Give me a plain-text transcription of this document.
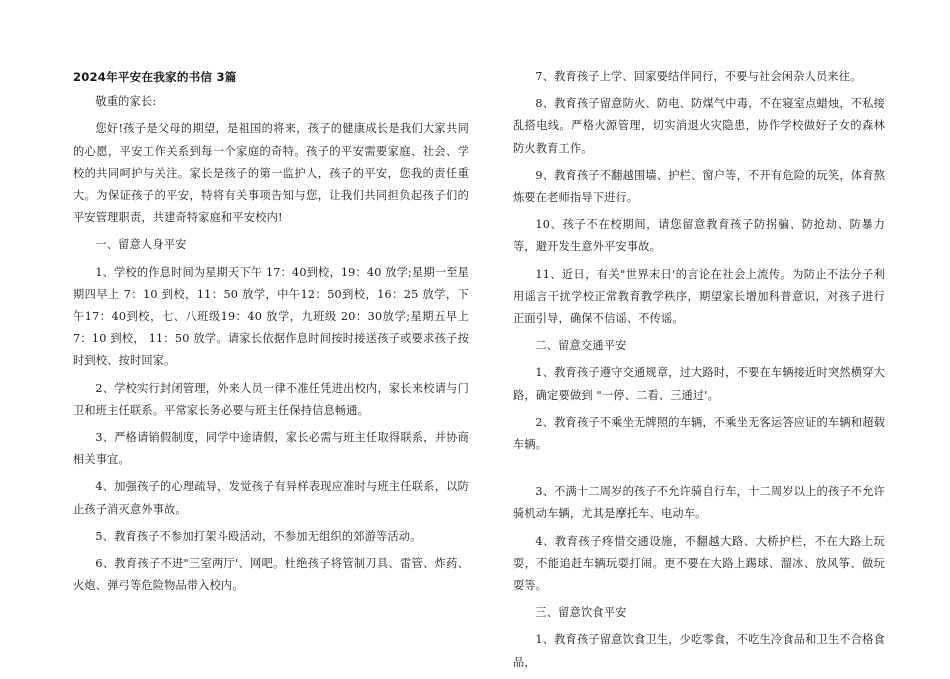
2024年平安在我家的书信 3篇

敬重的家长:

您好!孩子是父母的期望，是祖国的将来，孩子的健康成长是我们大家共同的心愿，平安工作关系到每一个家庭的奇特。孩子的平安需要家庭、社会、学校的共同呵护与关注。家长是孩子的第一监护人，孩子的平安，您我的责任重大。为保证孩子的平安，特将有关事项告知与您，让我们共同担负起孩子们的平安管理职责，共建奇特家庭和平安校内!

一、留意人身平安

1、学校的作息时间为星期天下午 17：40到校，19：40 放学;星期一至星期四早上 7：10 到校，11：50 放学，中午12：50到校，16：25 放学，下午17：40到校，七、八班级19：40 放学，九班级 20：30放学;星期五早上 7：10 到校， 11：50 放学。请家长依据作息时间按时接送孩子或要求孩子按时到校、按时回家。

2、学校实行封闭管理，外来人员一律不准任凭进出校内，家长来校请与门卫和班主任联系。平常家长务必要与班主任保持信息畅通。

3、严格请销假制度，同学中途请假，家长必需与班主任取得联系，并协商相关事宜。

4、加强孩子的心理疏导，发觉孩子有异样表现应准时与班主任联系，以防止孩子消灭意外事故。

5、教育孩子不参加打架斗殴活动，不参加无组织的郊游等活动。

6、教育孩子不进"三室两厅'、网吧。杜绝孩子将管制刀具、雷管、炸药、火炮、弹弓等危险物品带入校内。

7、教育孩子上学、回家要结伴同行，不要与社会闲杂人员来往。

8、教育孩子留意防火、防电、防煤气中毒，不在寝室点蜡烛，不私接乱搭电线。严格火源管理，切实消退火灾隐患，协作学校做好子女的森林防火教育工作。

9、教育孩子不翻越围墙、护栏、窗户等，不开有危险的玩笑，体育熬炼要在老师指导下进行。

10、孩子不在校期间，请您留意教育孩子防拐骗、防抢劫、防暴力等，避开发生意外平安事故。

11、近日，有关"世界末日'的言论在社会上流传。为防止不法分子利用谣言干扰学校正常教育教学秩序，期望家长增加科普意识，对孩子进行正面引导，确保不信谣、不传谣。

二、留意交通平安

1、教育孩子遵守交通规章，过大路时，不要在车辆接近时突然横穿大路，确定要做到 "一停、二看、三通过'。

2、教育孩子不乘坐无牌照的车辆，不乘坐无客运答应证的车辆和超载车辆。

3、不满十二周岁的孩子不允许骑自行车，十二周岁以上的孩子不允许骑机动车辆，尤其是摩托车、电动车。

4、教育孩子疼惜交通设施，不翻越大路、大桥护栏，不在大路上玩耍，不能追赶车辆玩耍打闹。更不要在大路上踢球、溜冰、放风筝、做玩耍等。

三、留意饮食平安

1、教育孩子留意饮食卫生，少吃零食，不吃生冷食品和卫生不合格食品，
